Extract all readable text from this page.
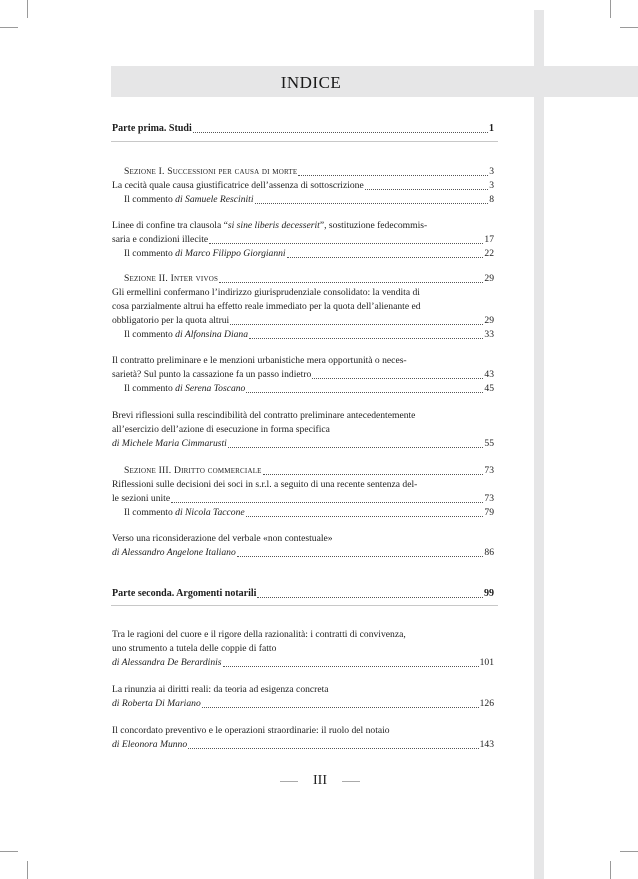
INDICE
Parte prima. Studi	1
Sezione I. Successioni per causa di morte	3
La cecità quale causa giustificatrice dell’assenza di sottoscrizione	3
Il commento di Samuele Resciniti	8
Linee di confine tra clausola “si sine liberis decesserit”, sostituzione fedecommis-
saria e condizioni illecite	17
Il commento di Marco Filippo Giorgianni	22
Sezione II. Inter vivos	29
Gli ermellini confermano l’indirizzo giurisprudenziale consolidato: la vendita di
cosa parzialmente altrui ha effetto reale immediato per la quota dell’alienante ed
obbligatorio per la quota altrui	29
Il commento di Alfonsina Diana	33
Il contratto preliminare e le menzioni urbanistiche mera opportunità o neces-
sarietà? Sul punto la cassazione fa un passo indietro	43
Il commento di Serena Toscano	45
Brevi riflessioni sulla rescindibilità del contratto preliminare antecedentemente
all’esercizio dell’azione di esecuzione in forma specifica
di Michele Maria Cimmarusti	55
Sezione III. Diritto commerciale	73
Riflessioni sulle decisioni dei soci in s.r.l. a seguito di una recente sentenza del-
le sezioni unite	73
Il commento di Nicola Taccone	79
Verso una riconsiderazione del verbale «non contestuale»
di Alessandro Angelone Italiano	86
Parte seconda. Argomenti notarili	99
Tra le ragioni del cuore e il rigore della razionalità: i contratti di convivenza,
uno strumento a tutela delle coppie di fatto
di Alessandra De Berardinis	101
La rinunzia ai diritti reali: da teoria ad esigenza concreta
di Roberta Di Mariano	126
Il concordato preventivo e le operazioni straordinarie: il ruolo del notaio
di Eleonora Munno	143
III
